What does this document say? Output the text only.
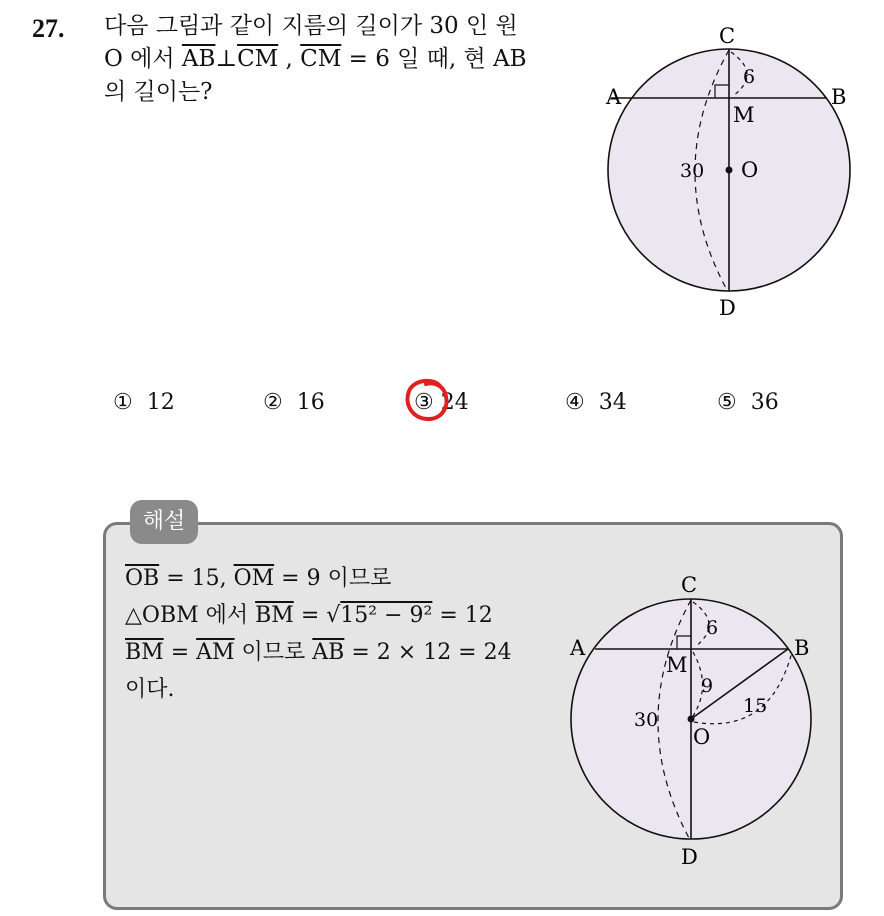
27. 다음 그림과 같이 지름의 길이가 30 인 원
O 에서 $\overline{AB}\perp\overline{CM}$ , $\overline{CM} = 6$ 일 때, 현 AB
의 길이는?
C
A	B
M
O
D
6
30
① 12	② 16	③ 24	④ 34	⑤ 36
해설
$\overline{OB} = 15$, $\overline{OM} = 9$ 이므로
△OBM 에서 $\overline{BM} = √15^2 - 9^2 = 12$
$\overline{BM} = \overline{AM}$ 이므로 $\overline{AB} = 2 \times 12 = 24$
이다.
C
A	B
M
O
D
6
9
15
30
